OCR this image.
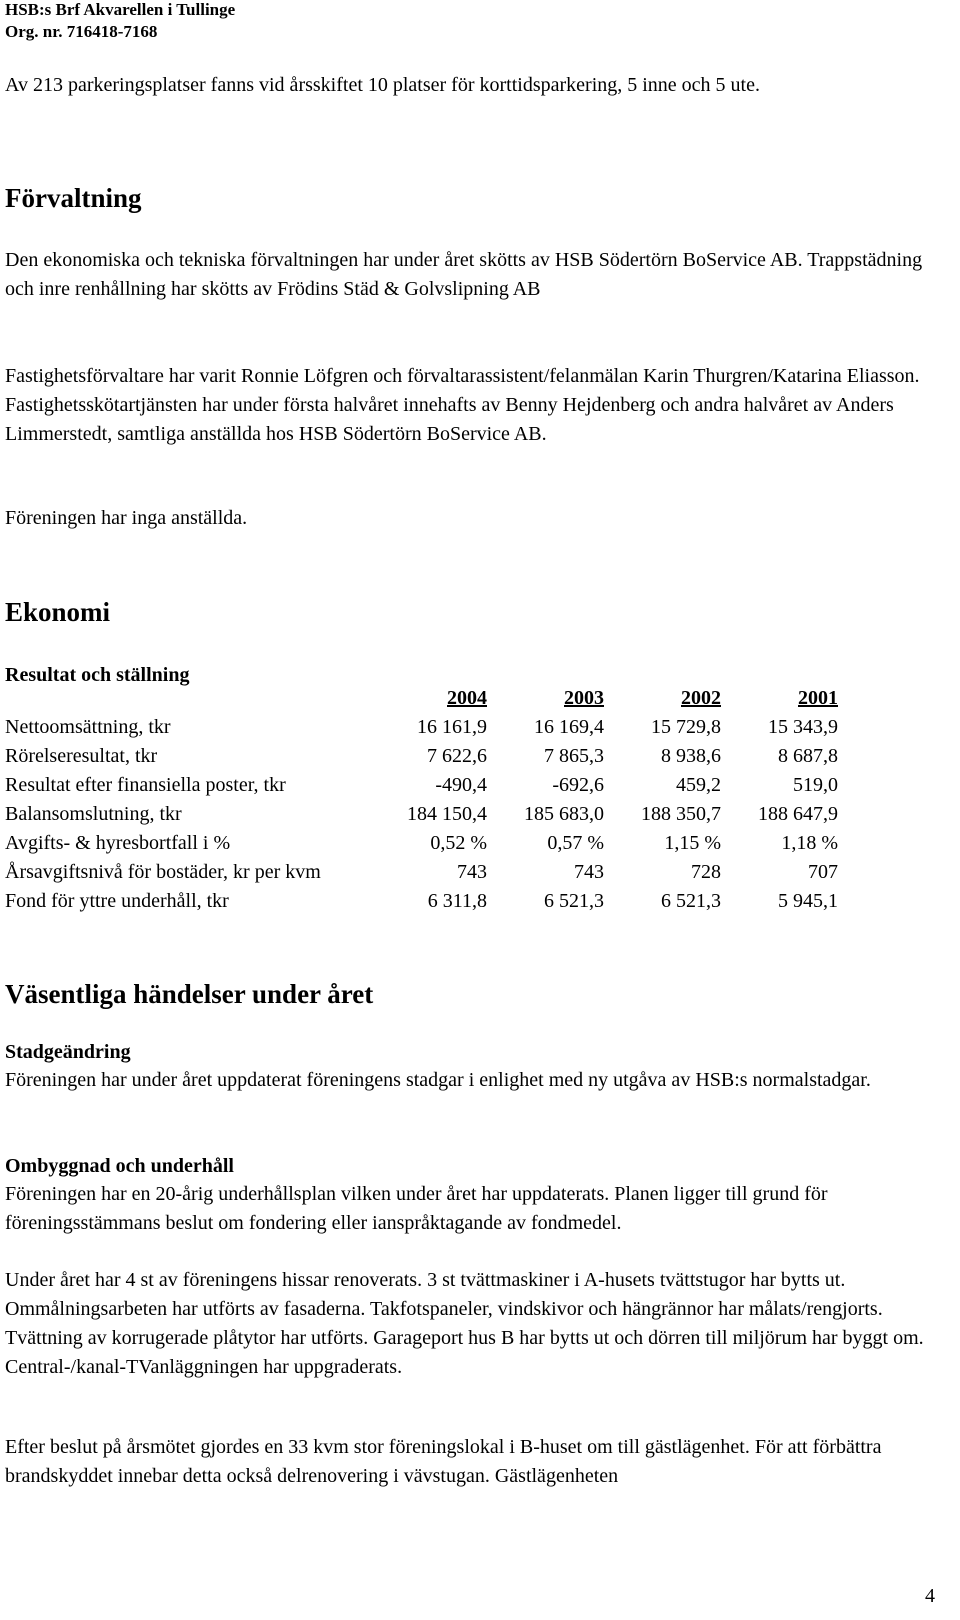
HSB:s Brf Akvarellen i Tullinge
Org. nr. 716418-7168

Av 213 parkeringsplatser fanns vid årsskiftet 10 platser för korttidsparkering, 5 inne och 5 ute.

Förvaltning

Den ekonomiska och tekniska förvaltningen har under året skötts av HSB Södertörn BoService AB. Trappstädning och inre renhållning har skötts av Frödins Städ & Golvslipning AB

Fastighetsförvaltare har varit Ronnie Löfgren och förvaltarassistent/felanmälan Karin Thurgren/Katarina Eliasson. Fastighetsskötartjänsten har under första halvåret innehafts av Benny Hejdenberg och andra halvåret av Anders Limmerstedt, samtliga anställda hos HSB Södertörn BoService AB.

Föreningen har inga anställda.

Ekonomi
Resultat och ställning
	2004	2003	2002	2001
Nettoomsättning, tkr	16 161,9	16 169,4	15 729,8	15 343,9
Rörelseresultat, tkr	7 622,6	7 865,3	8 938,6	8 687,8
Resultat efter finansiella poster, tkr	-490,4	-692,6	459,2	519,0
Balansomslutning, tkr	184 150,4	185 683,0	188 350,7	188 647,9
Avgifts- & hyresbortfall i %	0,52 %	0,57 %	1,15 %	1,18 %
Årsavgiftsnivå för bostäder, kr per kvm	743	743	728	707
Fond för yttre underhåll, tkr	6 311,8	6 521,3	6 521,3	5 945,1
Väsentliga händelser under året
Stadgeändring

Föreningen har under året uppdaterat föreningens stadgar i enlighet med ny utgåva av HSB:s normalstadgar.

Ombyggnad och underhåll

Föreningen har en 20-årig underhållsplan vilken under året har uppdaterats. Planen ligger till grund för föreningsstämmans beslut om fondering eller ianspråktagande av fondmedel.

Under året har 4 st av föreningens hissar renoverats. 3 st tvättmaskiner i A-husets tvättstugor har bytts ut. Ommålningsarbeten har utförts av fasaderna. Takfotspaneler, vindskivor och hängrännor har målats/rengjorts. Tvättning av korrugerade plåtytor har utförts. Garageport hus B har bytts ut och dörren till miljörum har byggt om. Central-/kanal-TVanläggningen har uppgraderats.

Efter beslut på årsmötet gjordes en 33 kvm stor föreningslokal i B-huset om till gästlägenhet. För att förbättra brandskyddet innebar detta också delrenovering i vävstugan. Gästlägenheten

4
